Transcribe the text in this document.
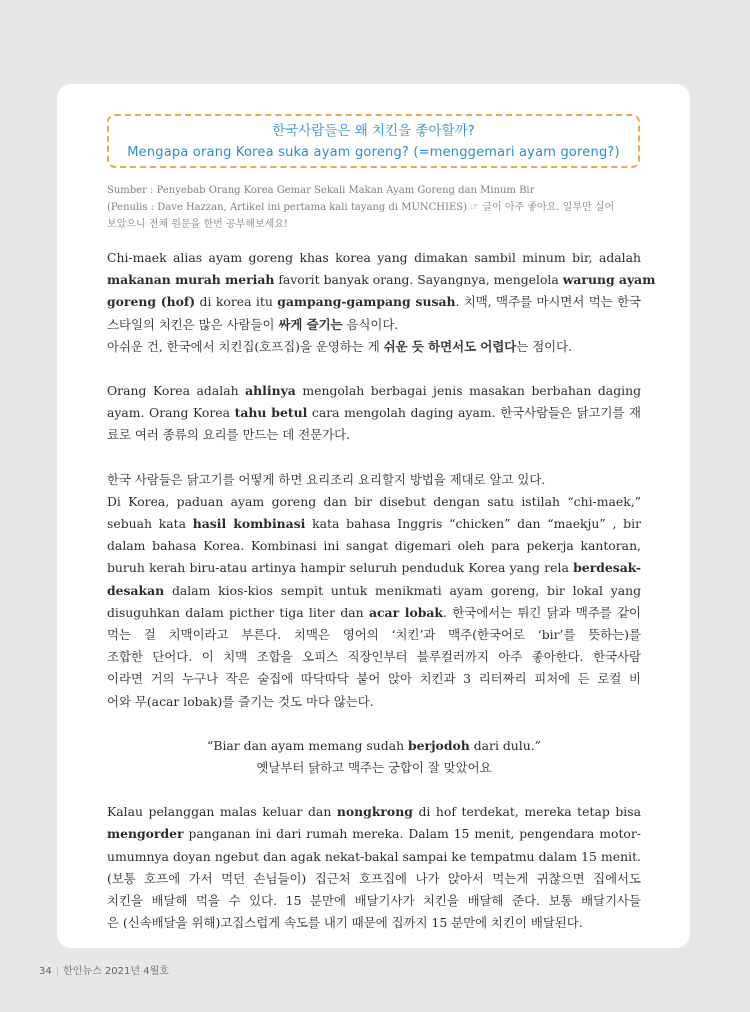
한국사람들은 왜 치킨을 좋아할까?
Mengapa orang Korea suka ayam goreng? (=menggemari ayam goreng?)

Sumber : Penyebab Orang Korea Gemar Sekali Makan Ayam Goreng dan Minum Bir

(Penulis : Dave Hazzan, Artikel ini pertama kali tayang di MUNCHIES) ☞ 글이 아주 좋아요. 일부만 실어

보았으니 전체 원문을 한번 공부해보세요!

Chi-maek alias ayam goreng khas korea yang dimakan sambil minum bir, adalah
makanan murah meriah favorit banyak orang. Sayangnya, mengelola warung ayam
goreng (hof) di korea itu gampang-gampang susah. 치맥, 맥주를 마시면서 먹는 한국
스타일의 치킨은 많은 사람들이 싸게 즐기는 음식이다.
아쉬운 건, 한국에서 치킨집(호프집)을 운영하는 게 쉬운 듯 하면서도 어렵다는 점이다.
Orang Korea adalah ahlinya mengolah berbagai jenis masakan berbahan daging
ayam. Orang Korea tahu betul cara mengolah daging ayam. 한국사람들은 닭고기를 재
료로 여러 종류의 요리를 만드는 데 전문가다.
한국 사람들은 닭고기를 어떻게 하면 요리조리 요리할지 방법을 제대로 알고 있다.
Di Korea, paduan ayam goreng dan bir disebut dengan satu istilah “chi-maek,”
sebuah kata hasil kombinasi kata bahasa Inggris “chicken” dan “maekju” , bir
dalam bahasa Korea. Kombinasi ini sangat digemari oleh para pekerja kantoran,
buruh kerah biru-atau artinya hampir seluruh penduduk Korea yang rela berdesak-
desakan dalam kios-kios sempit untuk menikmati ayam goreng, bir lokal yang
disuguhkan dalam picther tiga liter dan acar lobak. 한국에서는 튀긴 닭과 맥주를 같이
먹는 걸 치맥이라고 부른다. 치맥은 영어의 ‘치킨’과 맥주(한국어로 ‘bir’를 뜻하는)를
조합한 단어다. 이 치맥 조합을 오피스 직장인부터 블루컬러까지 아주 좋아한다. 한국사람
이라면 거의 누구나 작은 술집에 따닥따닥 붙어 앉아 치킨과 3 리터짜리 피처에 든 로컬 비
어와 무(acar lobak)를 즐기는 것도 마다 않는다.
“Biar dan ayam memang sudah berjodoh dari dulu.”
옛날부터 닭하고 맥주는 궁합이 잘 맞았어요
Kalau pelanggan malas keluar dan nongkrong di hof terdekat, mereka tetap bisa
mengorder panganan ini dari rumah mereka. Dalam 15 menit, pengendara motor-
umumnya doyan ngebut dan agak nekat-bakal sampai ke tempatmu dalam 15 menit.
(보통 호프에 가서 먹던 손님들이) 집근처 호프집에 나가 앉아서 먹는게 귀찮으면 집에서도
치킨을 배달해 먹을 수 있다. 15 분만에 배달기사가 치킨을 배달해 준다. 보통 배달기사들
은 (신속배달을 위해)고집스럽게 속도를 내기 때문에 집까지 15 분만에 치킨이 배달된다.
34 | 한인뉴스 2021년 4월호
